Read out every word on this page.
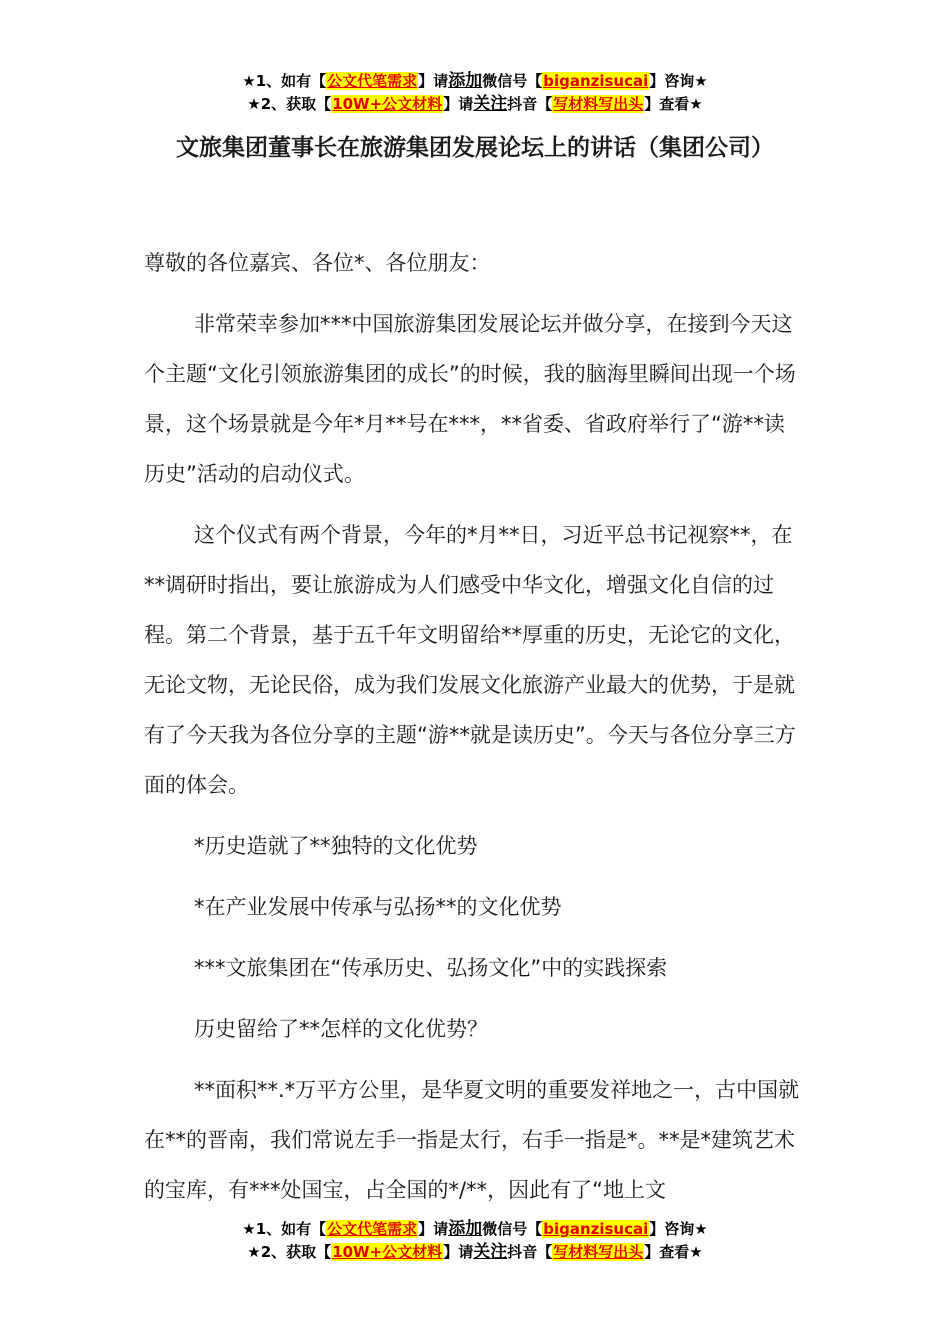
★1、如有【公文代笔需求】请添加微信号【biganzisucai】咨询★
★2、获取【10W+公文材料】请关注抖音【写材料写出头】查看★
文旅集团董事长在旅游集团发展论坛上的讲话（集团公司）

尊敬的各位嘉宾、各位*、各位朋友：

非常荣幸参加***中国旅游集团发展论坛并做分享，在接到今天这个主题“文化引领旅游集团的成长”的时候，我的脑海里瞬间出现一个场景，这个场景就是今年*月**号在***，**省委、省政府举行了“游**读历史”活动的启动仪式。

这个仪式有两个背景，今年的*月**日，习近平总书记视察**，在**调研时指出，要让旅游成为人们感受中华文化，增强文化自信的过程。第二个背景，基于五千年文明留给**厚重的历史，无论它的文化，无论文物，无论民俗，成为我们发展文化旅游产业最大的优势，于是就有了今天我为各位分享的主题“游**就是读历史”。今天与各位分享三方面的体会。

*历史造就了**独特的文化优势

*在产业发展中传承与弘扬**的文化优势

***文旅集团在“传承历史、弘扬文化”中的实践探索

历史留给了**怎样的文化优势？

**面积**.*万平方公里，是华夏文明的重要发祥地之一，古中国就在**的晋南，我们常说左手一指是太行，右手一指是*。**是*建筑艺术的宝库，有***处国宝，占全国的*/**，因此有了“地上文

★1、如有【公文代笔需求】请添加微信号【biganzisucai】咨询★
★2、获取【10W+公文材料】请关注抖音【写材料写出头】查看★
